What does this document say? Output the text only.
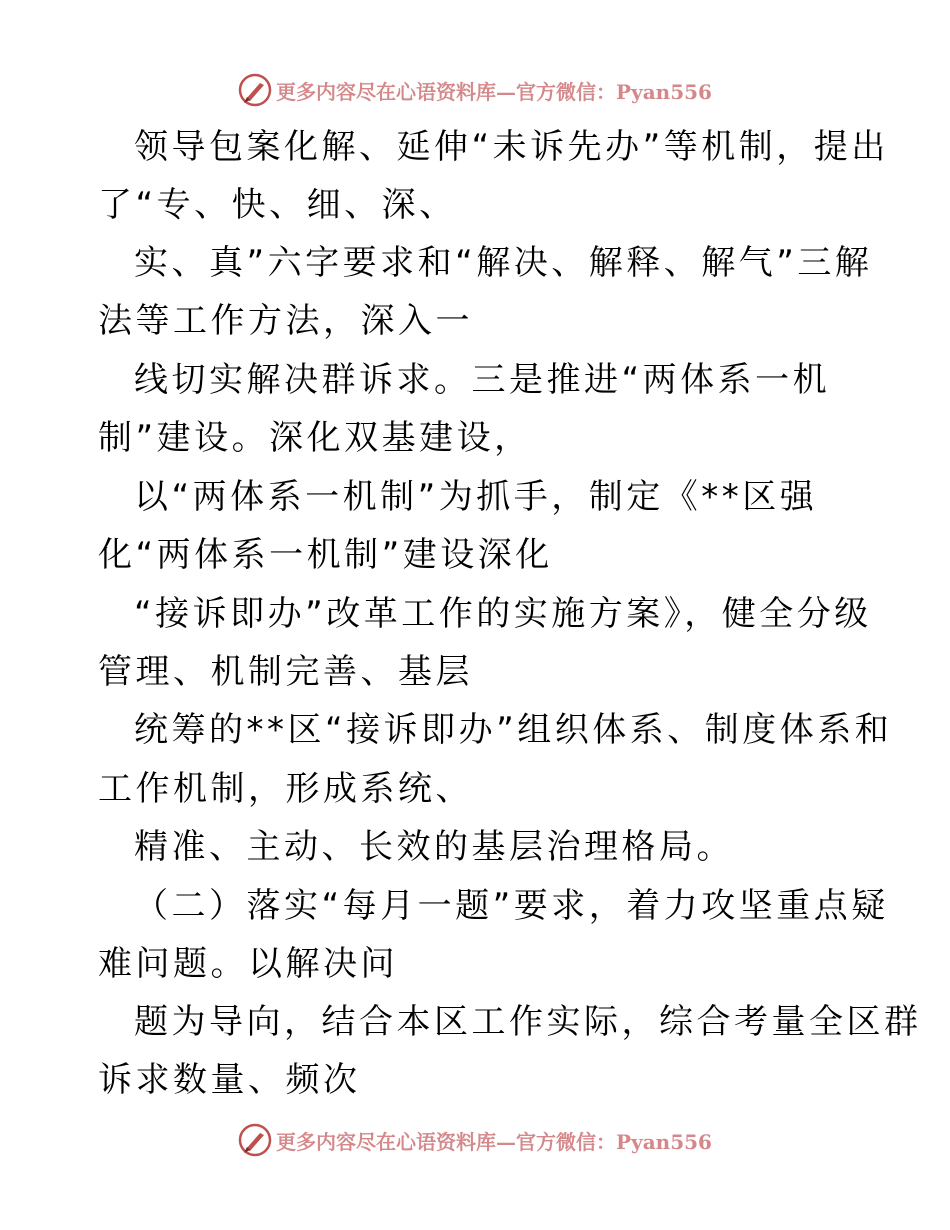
更多内容尽在心语资料库—官方微信：Pyan556
领导包案化解、延伸“未诉先办”等机制，提出
了“专、快、细、深、
实、真”六字要求和“解决、解释、解气”三解
法等工作方法，深入一
线切实解决群诉求。三是推进“两体系一机
制”建设。深化双基建设，
以“两体系一机制”为抓手，制定《**区强
化“两体系一机制”建设深化
“接诉即办”改革工作的实施方案》，健全分级
管理、机制完善、基层
统筹的**区“接诉即办”组织体系、制度体系和
工作机制，形成系统、
精准、主动、长效的基层治理格局。
（二）落实“每月一题”要求，着力攻坚重点疑
难问题。以解决问
题为导向，结合本区工作实际，综合考量全区群
诉求数量、频次
更多内容尽在心语资料库—官方微信：Pyan556
